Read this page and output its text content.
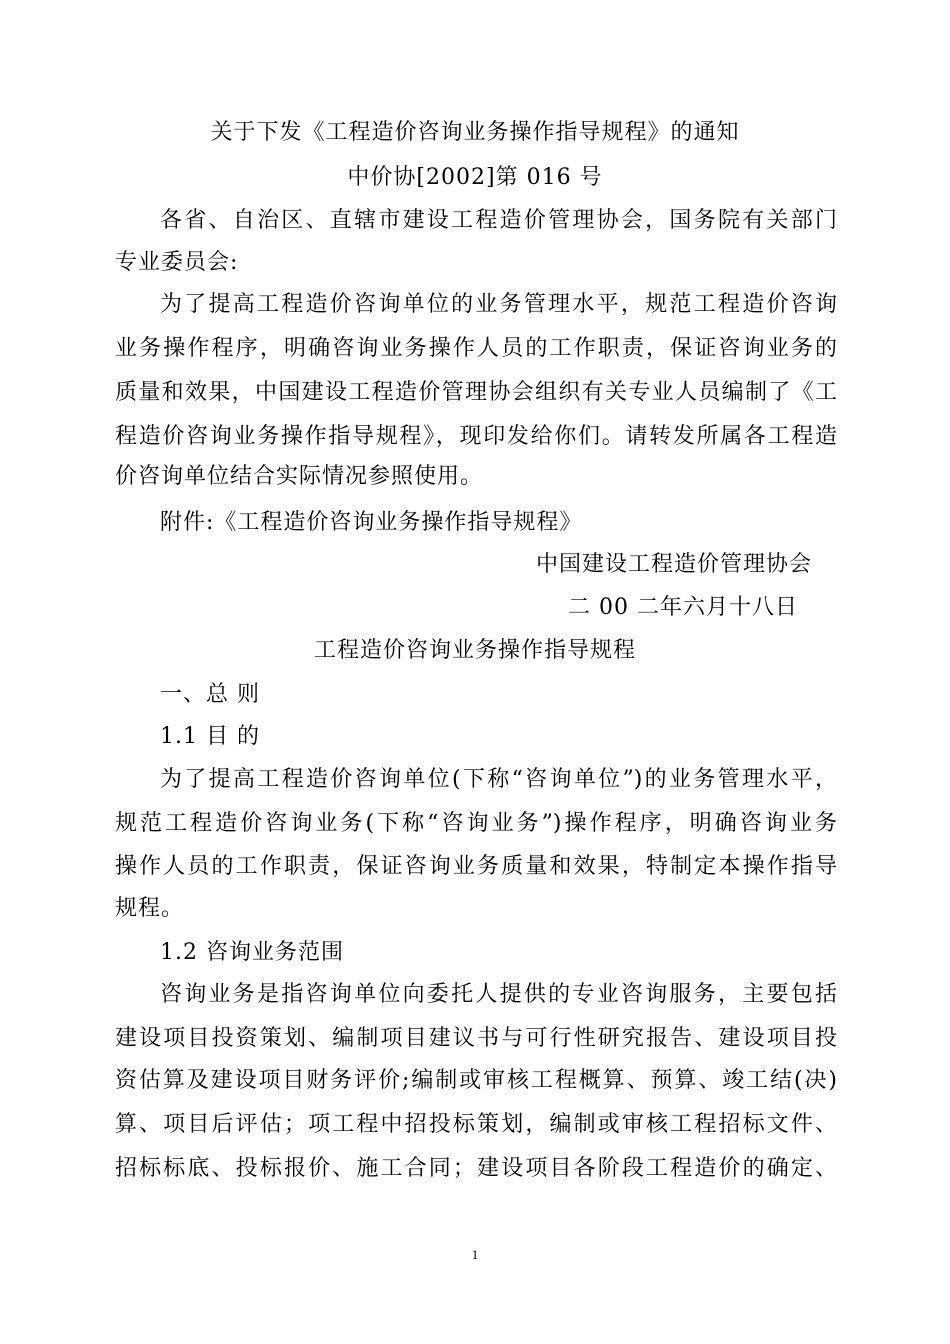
关于下发《工程造价咨询业务操作指导规程》的通知
中价协[2002]第 016 号
各省、自治区、直辖市建设工程造价管理协会，国务院有关部门
专业委员会:
为了提高工程造价咨询单位的业务管理水平，规范工程造价咨询
业务操作程序，明确咨询业务操作人员的工作职责，保证咨询业务的
质量和效果，中国建设工程造价管理协会组织有关专业人员编制了《工
程造价咨询业务操作指导规程》，现印发给你们。请转发所属各工程造
价咨询单位结合实际情况参照使用。
附件:《工程造价咨询业务操作指导规程》
中国建设工程造价管理协会
二 00 二年六月十八日
工程造价咨询业务操作指导规程
一、总 则
1.1 目 的
为了提高工程造价咨询单位(下称“咨询单位”)的业务管理水平，
规范工程造价咨询业务(下称“咨询业务”)操作程序，明确咨询业务
操作人员的工作职责，保证咨询业务质量和效果，特制定本操作指导
规程。
1.2 咨询业务范围
咨询业务是指咨询单位向委托人提供的专业咨询服务，主要包括
建设项目投资策划、编制项目建议书与可行性研究报告、建设项目投
资估算及建设项目财务评价;编制或审核工程概算、预算、竣工结(决)
算、项目后评估；项工程中招投标策划，编制或审核工程招标文件、
招标标底、投标报价、施工合同；建设项目各阶段工程造价的确定、
1
